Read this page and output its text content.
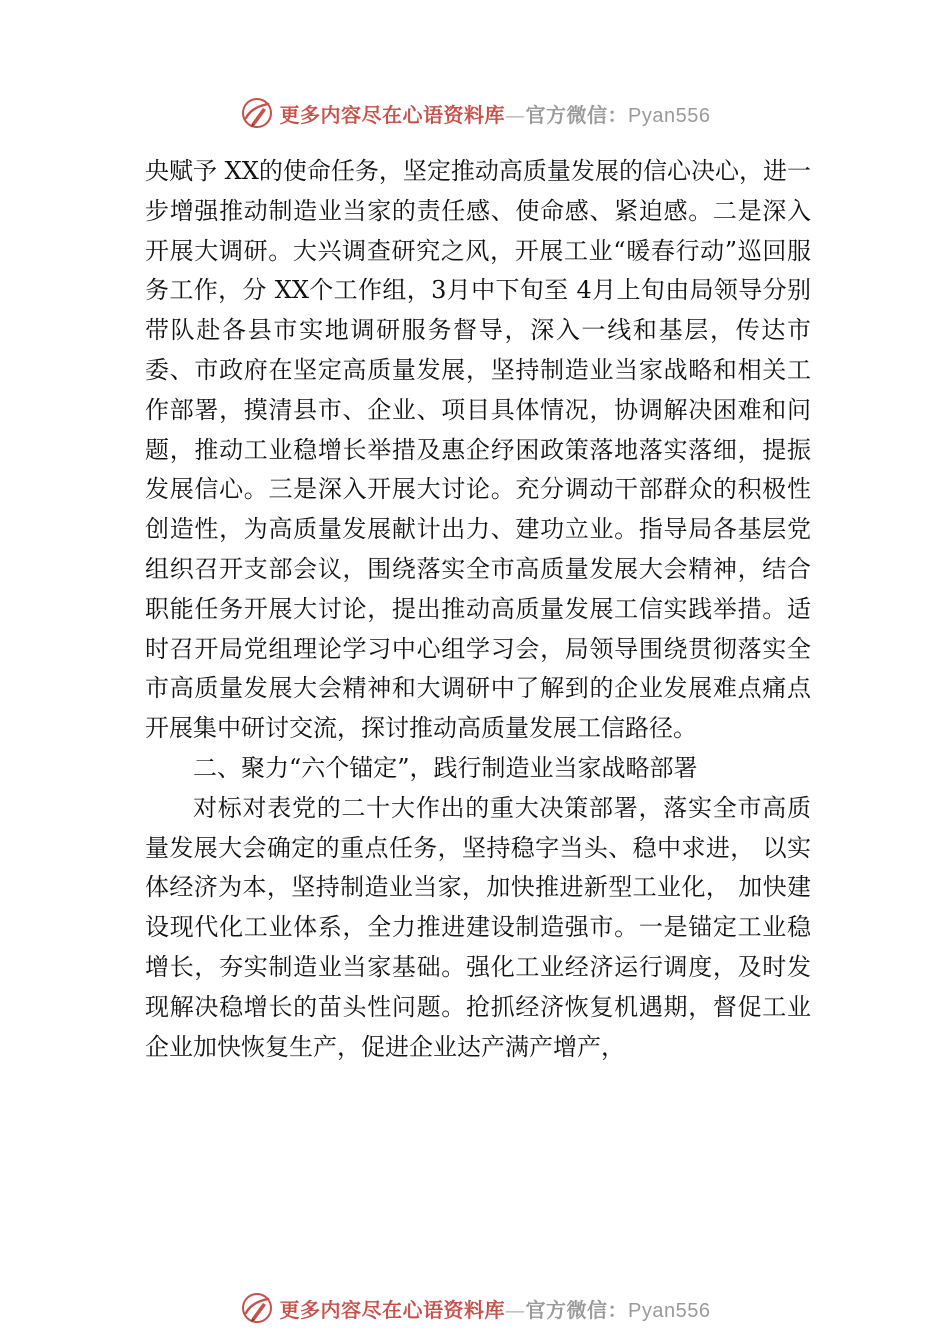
更多内容尽在心语资料库—官方微信：Pyan556

央赋予 XX的使命任务，坚定推动高质量发展的信心决心，进一步增强推动制造业当家的责任感、使命感、紧迫感。二是深入开展大调研。大兴调查研究之风，开展工业“暖春行动”巡回服务工作，分 XX个工作组，3月中下旬至 4月上旬由局领导分别带队赴各县市实地调研服务督导，深入一线和基层，传达市委、市政府在坚定高质量发展，坚持制造业当家战略和相关工作部署，摸清县市、企业、项目具体情况，协调解决困难和问题，推动工业稳增长举措及惠企纾困政策落地落实落细，提振发展信心。三是深入开展大讨论。充分调动干部群众的积极性创造性，为高质量发展献计出力、建功立业。指导局各基层党组织召开支部会议，围绕落实全市高质量发展大会精神，结合职能任务开展大讨论，提出推动高质量发展工信实践举措。适时召开局党组理论学习中心组学习会，局领导围绕贯彻落实全市高质量发展大会精神和大调研中了解到的企业发展难点痛点开展集中研讨交流，探讨推动高质量发展工信路径。

二、聚力“六个锚定”，践行制造业当家战略部署

对标对表党的二十大作出的重大决策部署，落实全市高质量发展大会确定的重点任务，坚持稳字当头、稳中求进， 以实体经济为本，坚持制造业当家，加快推进新型工业化， 加快建设现代化工业体系，全力推进建设制造强市。一是锚定工业稳增长，夯实制造业当家基础。强化工业经济运行调度，及时发现解决稳增长的苗头性问题。抢抓经济恢复机遇期，督促工业企业加快恢复生产，促进企业达产满产增产，

更多内容尽在心语资料库—官方微信：Pyan556
